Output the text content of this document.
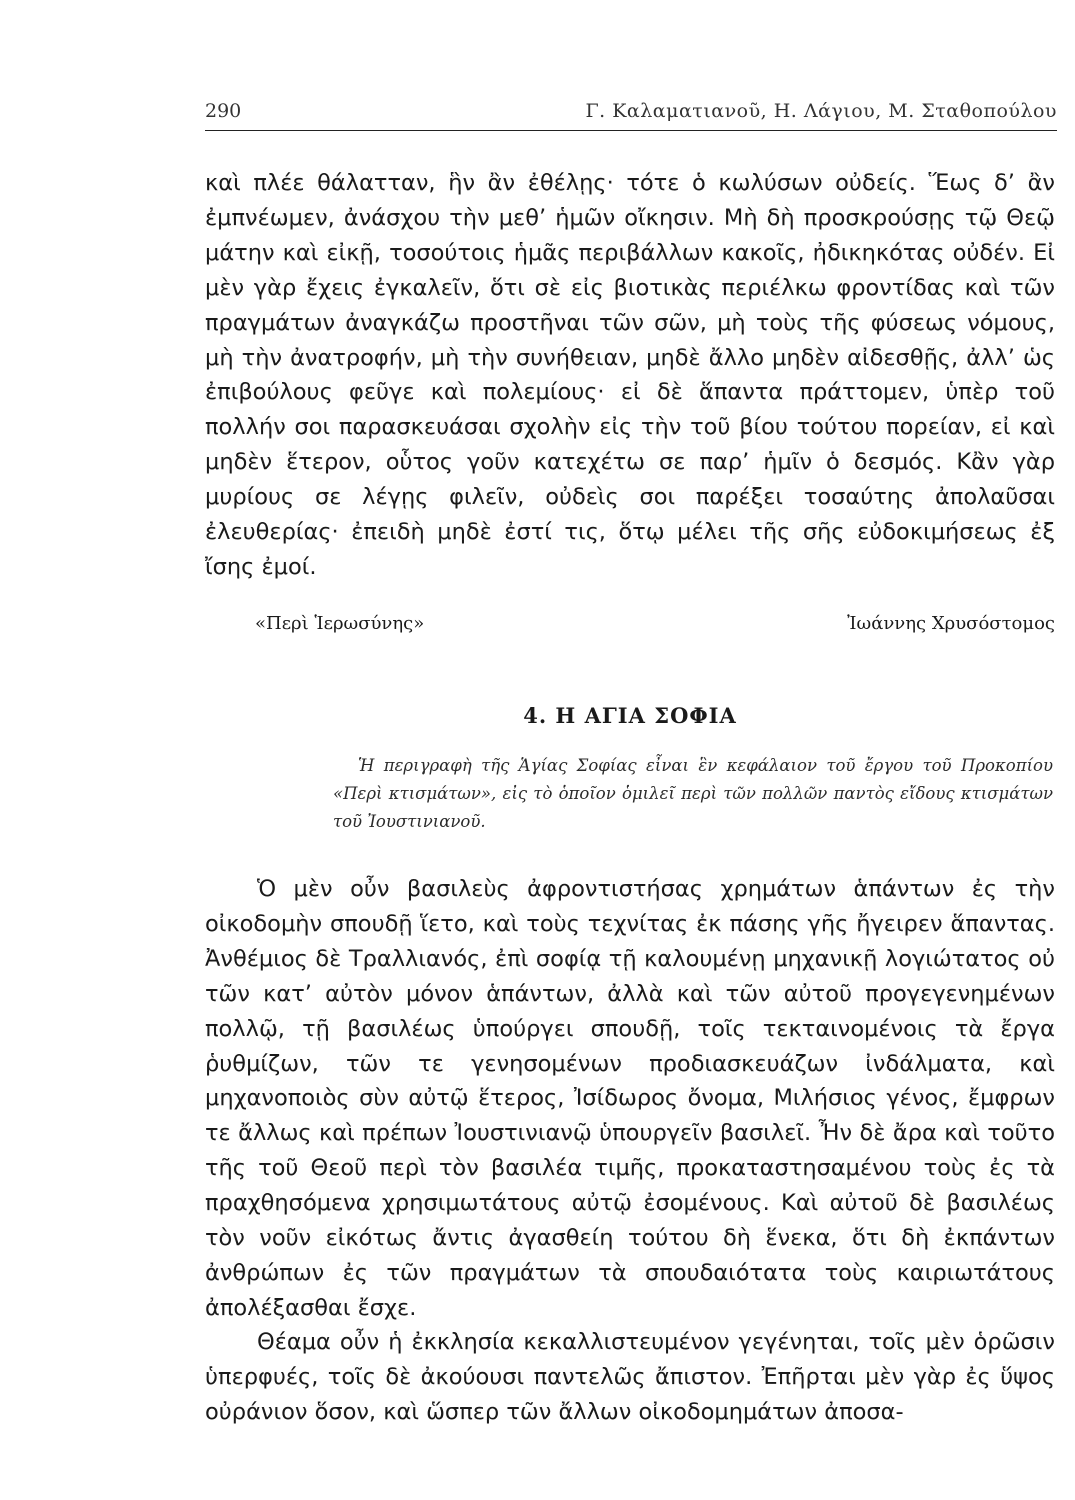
290	Γ. Καλαματιανοῦ, Η. Λάγιου, Μ. Σταθοπούλου

καὶ πλέε θάλατταν, ἣν ἂν ἐθέλῃς· τότε ὁ κωλύσων οὐδείς. Ἕως δ’ ἂν ἐμπνέωμεν, ἀνάσχου τὴν μεθ’ ἡμῶν οἴκησιν. Μὴ δὴ προσκρούσῃς τῷ Θεῷ μάτην καὶ εἰκῇ, τοσούτοις ἡμᾶς περιβάλλων κακοῖς, ἠδικηκότας οὐδέν. Εἰ μὲν γὰρ ἔχεις ἐγκαλεῖν, ὅτι σὲ εἰς βιοτικὰς περιέλκω φροντίδας καὶ τῶν πραγμάτων ἀναγκάζω προστῆναι τῶν σῶν, μὴ τοὺς τῆς φύσεως νόμους, μὴ τὴν ἀνατροφήν, μὴ τὴν συνήθειαν, μηδὲ ἄλλο μηδὲν αἰδεσθῇς, ἀλλ’ ὡς ἐπιβούλους φεῦγε καὶ πολεμίους· εἰ δὲ ἅπαντα πράττομεν, ὑπὲρ τοῦ πολλήν σοι παρασκευάσαι σχολὴν εἰς τὴν τοῦ βίου τούτου πορείαν, εἰ καὶ μηδὲν ἕτερον, οὗτος γοῦν κατεχέτω σε παρ’ ἡμῖν ὁ δεσμός. Κἂν γὰρ μυρίους σε λέγῃς φιλεῖν, οὐδεὶς σοι παρέξει τοσαύτης ἀπολαῦσαι ἐλευθερίας· ἐπειδὴ μηδὲ ἐστί τις, ὅτῳ μέλει τῆς σῆς εὐδοκιμήσεως ἐξ ἴσης ἐμοί.

«Περὶ Ἱερωσύνης»	Ἰωάννης Χρυσόστομος
4. Η ΑΓΙΑ ΣΟΦΙΑ

Ἡ περιγραφὴ τῆς Ἁγίας Σοφίας εἶναι ἓν κεφάλαιον τοῦ ἔργου τοῦ Προκοπίου «Περὶ κτισμάτων», εἰς τὸ ὁποῖον ὁμιλεῖ περὶ τῶν πολλῶν παντὸς εἴδους κτισμάτων τοῦ Ἰουστινιανοῦ.

Ὁ μὲν οὖν βασιλεὺς ἀφροντιστήσας χρημάτων ἁπάντων ἐς τὴν οἰκοδομὴν σπουδῇ ἵετο, καὶ τοὺς τεχνίτας ἐκ πάσης γῆς ἤγειρεν ἅπαντας. Ἀνθέμιος δὲ Τραλλιανός, ἐπὶ σοφίᾳ τῇ καλουμένῃ μηχανικῇ λογιώτατος οὐ τῶν κατ’ αὐτὸν μόνον ἁπάντων, ἀλλὰ καὶ τῶν αὐτοῦ προγεγενημένων πολλῷ, τῇ βασιλέως ὑπούργει σπουδῇ, τοῖς τεκταινομένοις τὰ ἔργα ῥυθμίζων, τῶν τε γενησομένων προδιασκευάζων ἰνδάλματα, καὶ μηχανοποιὸς σὺν αὐτῷ ἕτερος, Ἰσίδωρος ὄνομα, Μιλήσιος γένος, ἔμφρων τε ἄλλως καὶ πρέπων Ἰουστινιανῷ ὑπουργεῖν βασιλεῖ. Ἦν δὲ ἄρα καὶ τοῦτο τῆς τοῦ Θεοῦ περὶ τὸν βασιλέα τιμῆς, προκαταστησαμένου τοὺς ἐς τὰ πραχθησόμενα χρησιμωτάτους αὐτῷ ἐσομένους. Καὶ αὐτοῦ δὲ βασιλέως τὸν νοῦν εἰκότως ἄντις ἀγασθείη τούτου δὴ ἕνεκα, ὅτι δὴ ἐκπάντων ἀνθρώπων ἐς τῶν πραγμάτων τὰ σπουδαιότατα τοὺς καιριωτάτους ἀπολέξασθαι ἔσχε.

Θέαμα οὖν ἡ ἐκκλησία κεκαλλιστευμένον γεγένηται, τοῖς μὲν ὁρῶσιν ὑπερφυές, τοῖς δὲ ἀκούουσι παντελῶς ἄπιστον. Ἐπῆρται μὲν γὰρ ἐς ὕψος οὐράνιον ὅσον, καὶ ὥσπερ τῶν ἄλλων οἰκοδομημάτων ἀποσα-
